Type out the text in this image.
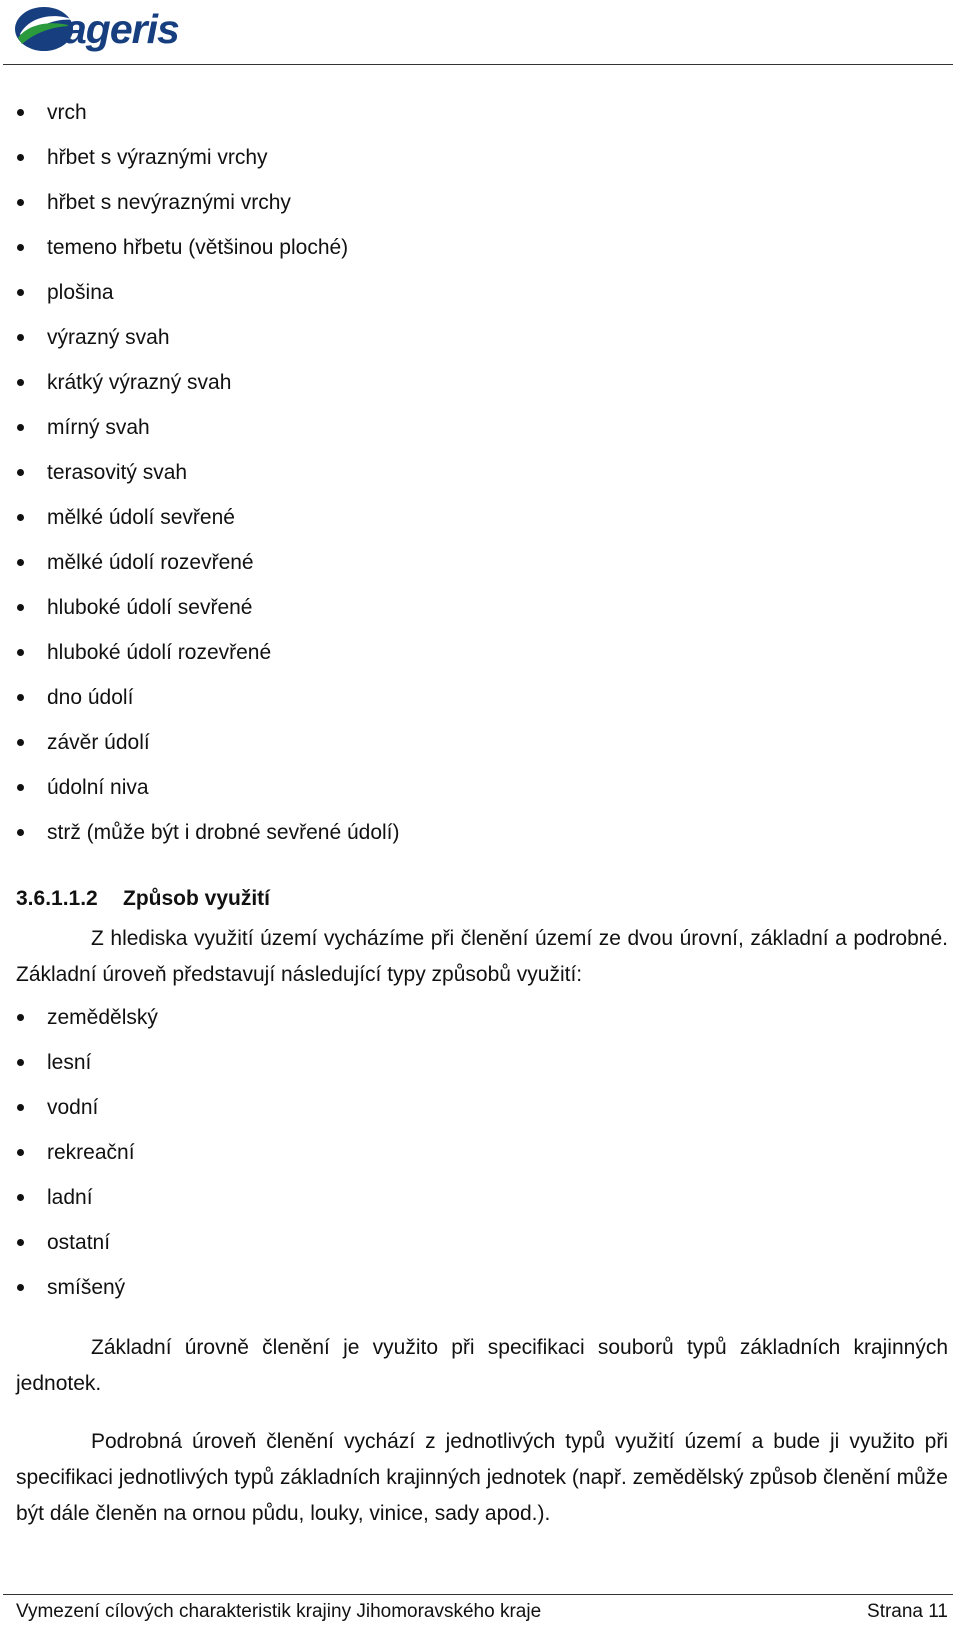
ageris
vrch
hřbet s výraznými vrchy
hřbet s nevýraznými vrchy
temeno hřbetu (většinou ploché)
plošina
výrazný svah
krátký výrazný svah
mírný svah
terasovitý svah
mělké údolí sevřené
mělké údolí rozevřené
hluboké údolí sevřené
hluboké údolí rozevřené
dno údolí
závěr údolí
údolní niva
strž (může být i drobné sevřené údolí)
3.6.1.1.2 Způsob využití

Z hlediska využití území vycházíme při členění území ze dvou úrovní, základní a podrobné. Základní úroveň představují následující typy způsobů využití:

zemědělský
lesní
vodní
rekreační
ladní
ostatní
smíšený

Základní úrovně členění je využito při specifikaci souborů typů základních krajinných jednotek.

Podrobná úroveň členění vychází z jednotlivých typů využití území a bude ji využito při specifikaci jednotlivých typů základních krajinných jednotek (např. zemědělský způsob členění může být dále členěn na ornou půdu, louky, vinice, sady apod.).

Vymezení cílových charakteristik krajiny Jihomoravského kraje	Strana 11
